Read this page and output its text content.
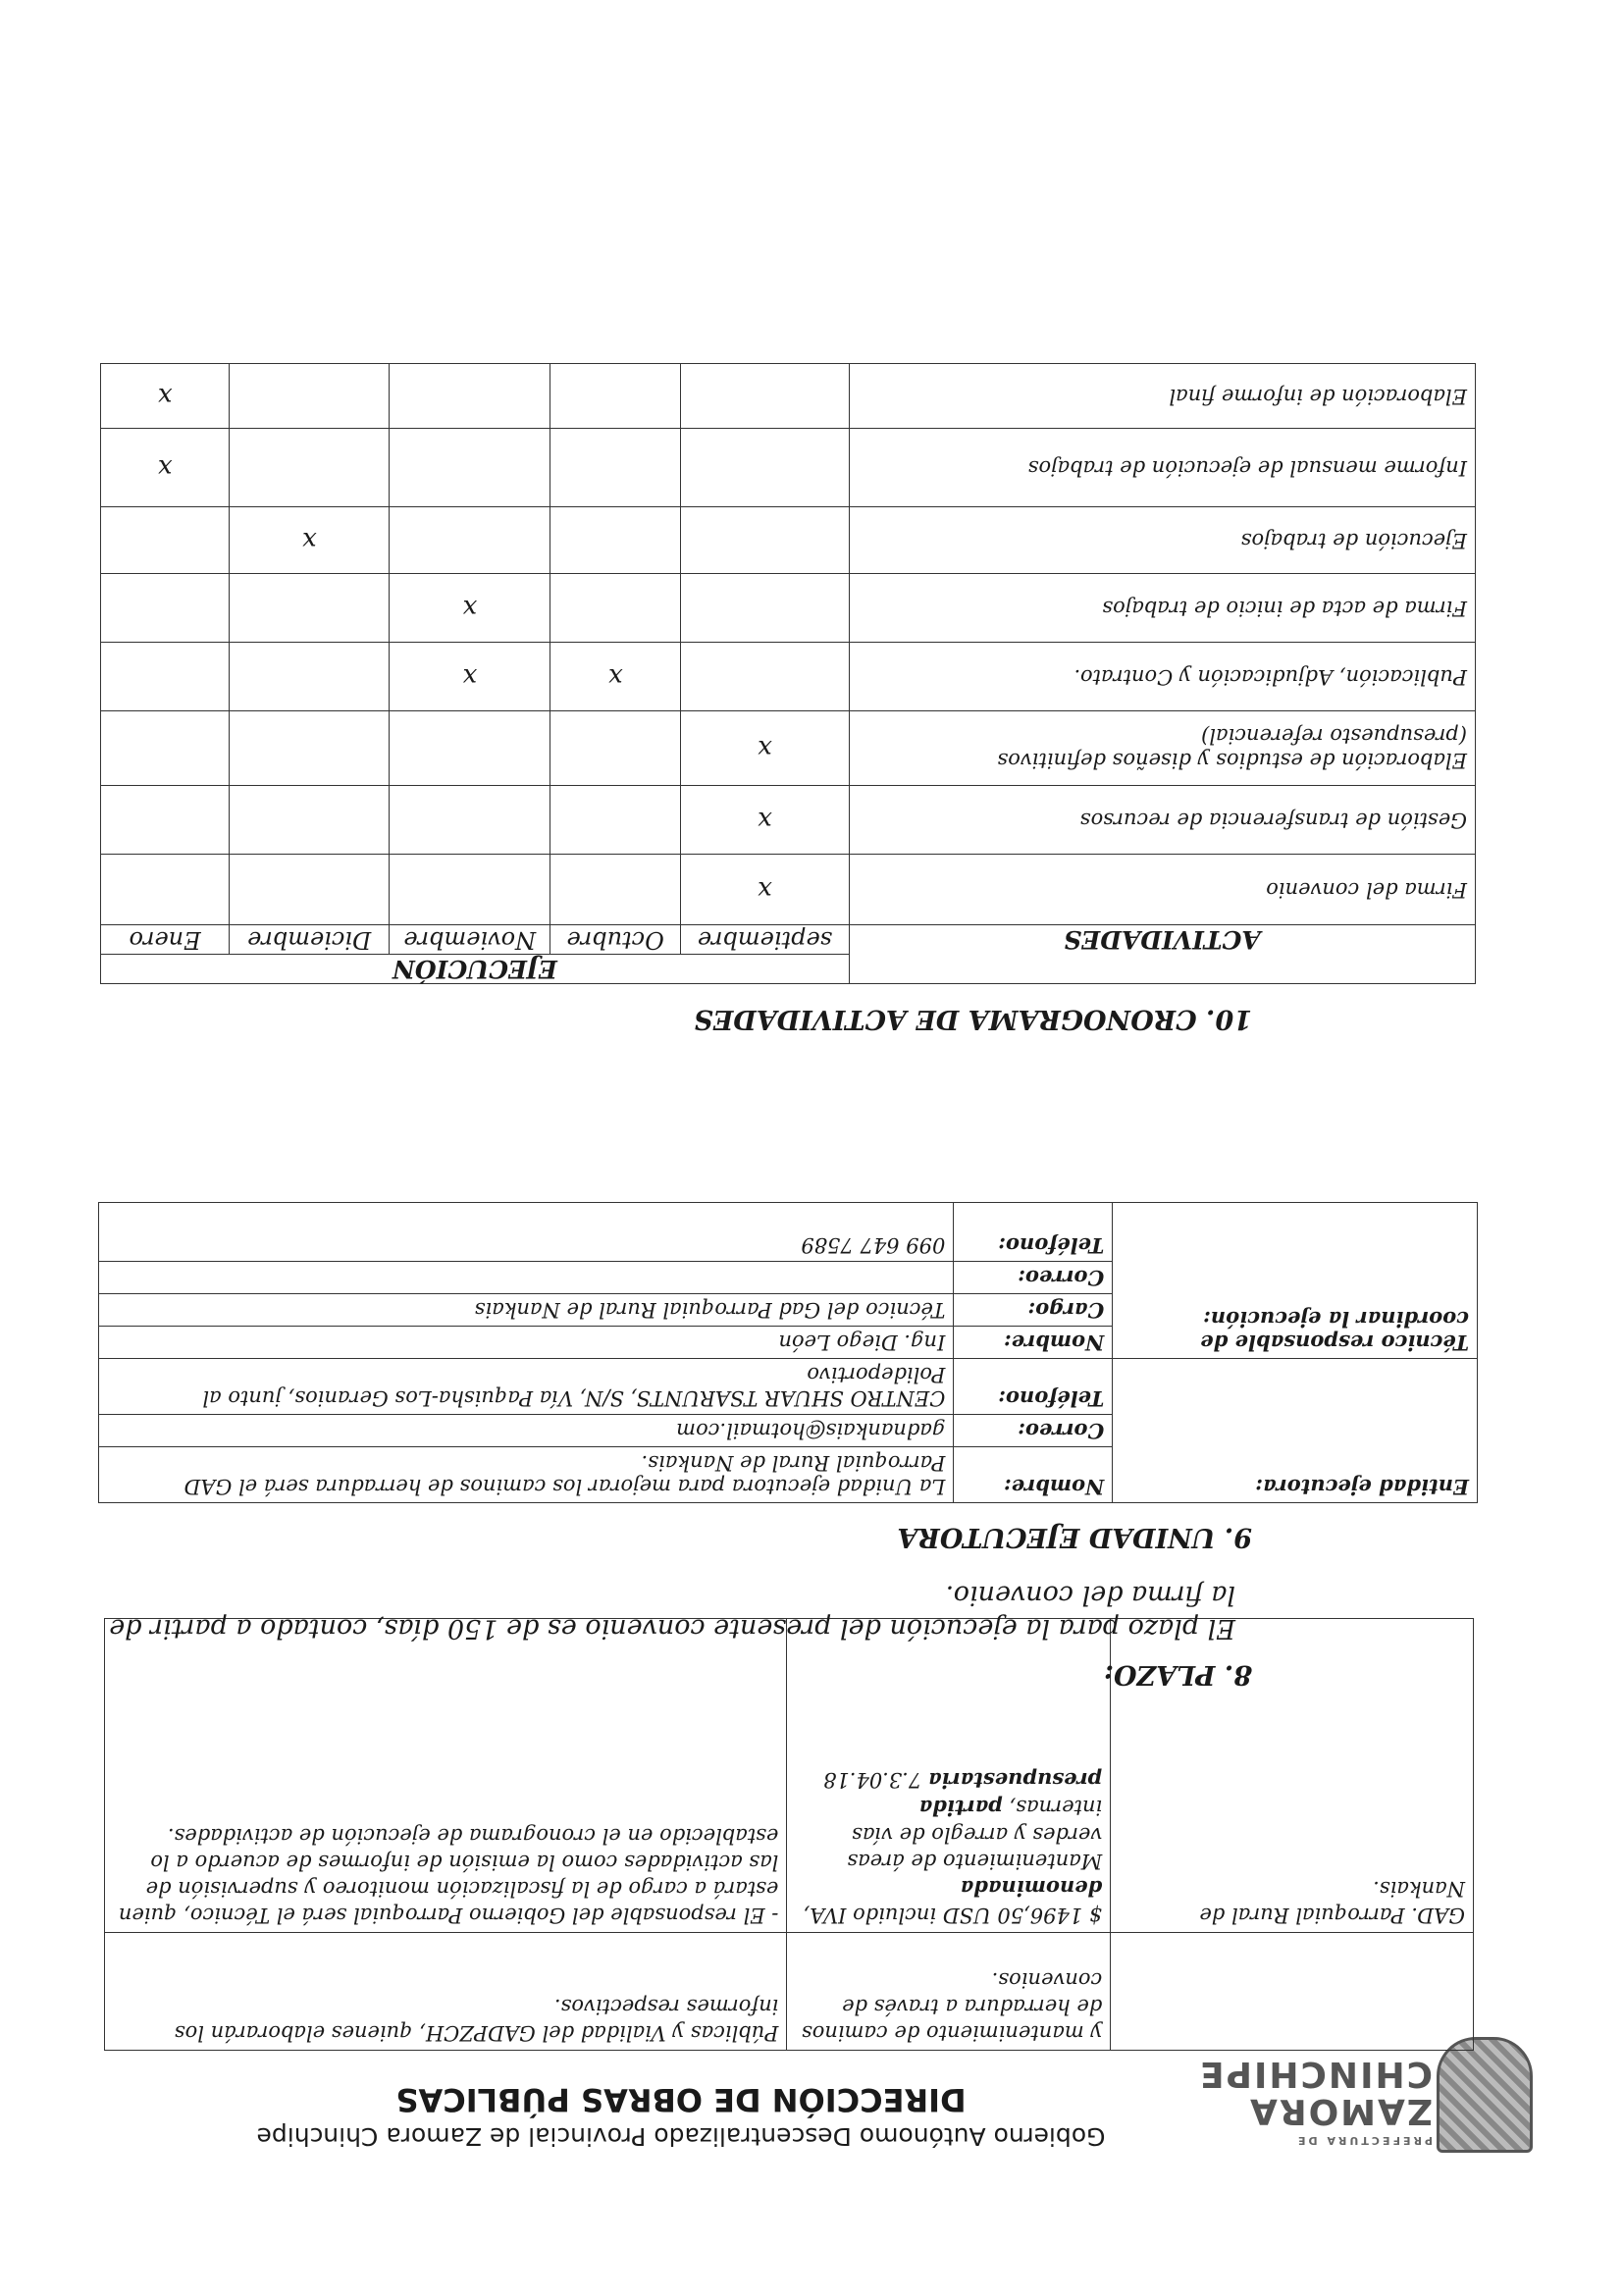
PREFECTURA DE
ZAMORA
CHINCHIPE
Gobierno Autónomo Descentralizado Provincial de Zamora Chinchipe
DIRECCIÓN DE OBRAS PÚBLICAS
	y mantenimiento de caminos de herradura a través de convenios.	Públicas y Vialidad del GADPZCH, quienes elaborarán los informes respectivos.
GAD. Parroquial Rural de Nankais.	$ 1496,50 USD incluido IVA, denominada Mantenimiento de áreas verdes y arreglo de vías internas, partida presupuestaria 7.3.04.18	- El responsable del Gobierno Parroquial será el Técnico, quien estará a cargo de la fiscalización monitoreo y supervisión de las actividades como la emisión de informes de acuerdo a lo establecido en el cronograma de ejecución de actividades.
8. PLAZO:
El plazo para la ejecución del presente convenio es de 150 días, contado a partir de la firma del convenio.
9. UNIDAD EJECUTORA
Entidad ejecutora:	Nombre:	La Unidad ejecutora para mejorar los caminos de herradura será el GAD Parroquial Rural de Nankais.
	Correo:	gadnankais@hotmail.com
	Teléfono:	CENTRO SHUAR TSARUNTS, S/N, Vía Paquisha-Los Geranios, junto al Polideportivo
Técnico responsable de coordinar la ejecución:	Nombre:	Ing. Diego León
	Cargo:	Técnico del Gad Parroquial Rural de Nankais
	Correo:	
	Teléfono:	099 647 7589
10. CRONOGRAMA DE ACTIVIDADES
ACTIVIDADES	EJECUCIÓN				
	septiembre	Octubre	Noviembre	Diciembre	Enero
Firma del convenio	x				
Gestión de transferencia de recursos	x				
Elaboración de estudios y diseños definitivos (presupuesto referencial)	x				
Publicación, Adjudicación y Contrato.		x	x		
Firma de acta de inicio de trabajos			x		
Ejecución de trabajos				x	
Informe mensual de ejecución de trabajos					x
Elaboración de informe final					x
